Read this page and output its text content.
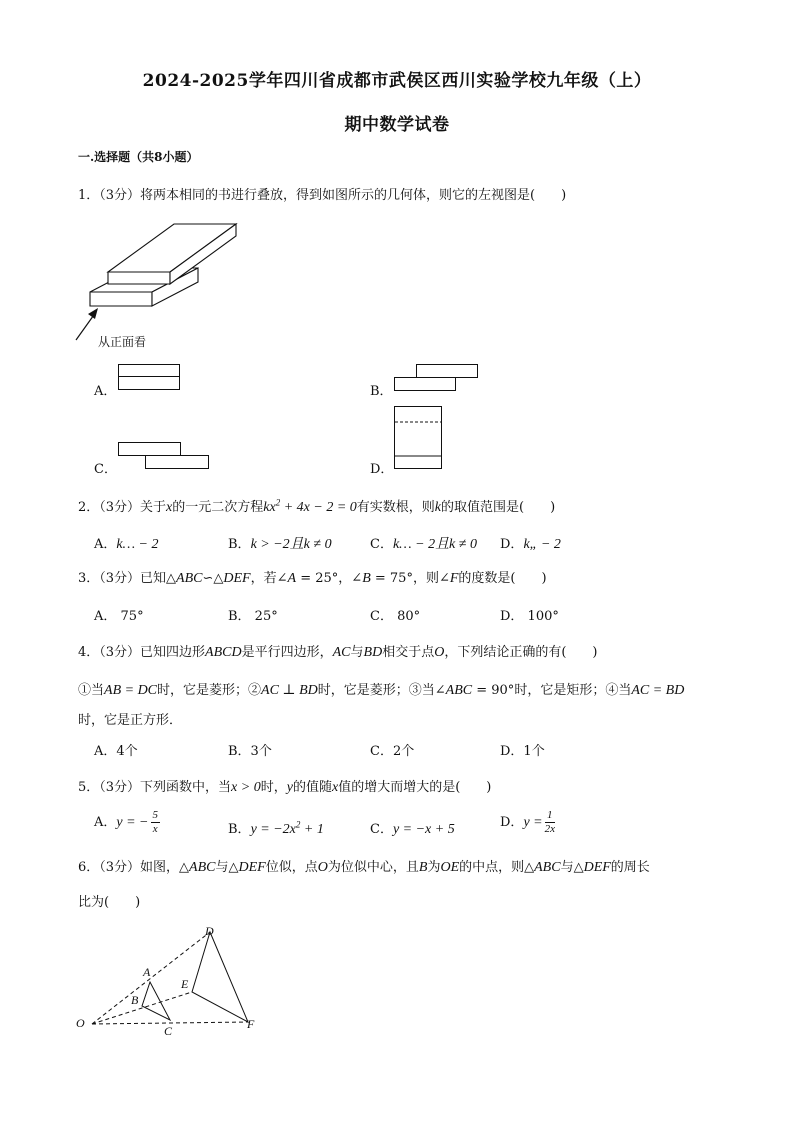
2024-2025学年四川省成都市武侯区西川实验学校九年级（上）
期中数学试卷
一.选择题（共8小题）
1．（3分）将两本相同的书进行叠放，得到如图所示的几何体，则它的左视图是(　　)
从正面看
A．	B．
C．	D．
2．（3分）关于x的一元二次方程$kx^2 + 4x - 2 = 0$有实数根，则k的取值范围是(　　)
A．k… − 2	B．k > −2且k ≠ 0	C．k… − 2且k ≠ 0 D．k„ − 2
3．（3分）已知△ABC∽△DEF，若∠A = 25°，∠B = 75°，则∠F的度数是(　　)
A． 75°	B． 25°	C． 80°	D． 100°
4．（3分）已知四边形ABCD是平行四边形，AC与BD相交于点O，下列结论正确的有(　　)
①当AB = DC时，它是菱形；②AC ⊥ BD时，它是菱形；③当∠ABC = 90°时，它是矩形；④当AC = BD
时，它是正方形．
A．4个	B．3个	C．2个	D．1个
5．（3分）下列函数中，当x > 0时，y的值随x值的增大而增大的是(　　)
A．y = − $\frac{5}{x}$	B．$y = -2x^2 + 1$	C．y = −x + 5	D．$y = \frac{1}{2x}$
6．（3分）如图，△ABC与△DEF位似，点O为位似中心，且B为OE的中点，则△ABC与△DEF的周长
比为(　　)
D
A
E
B
O
C	F
